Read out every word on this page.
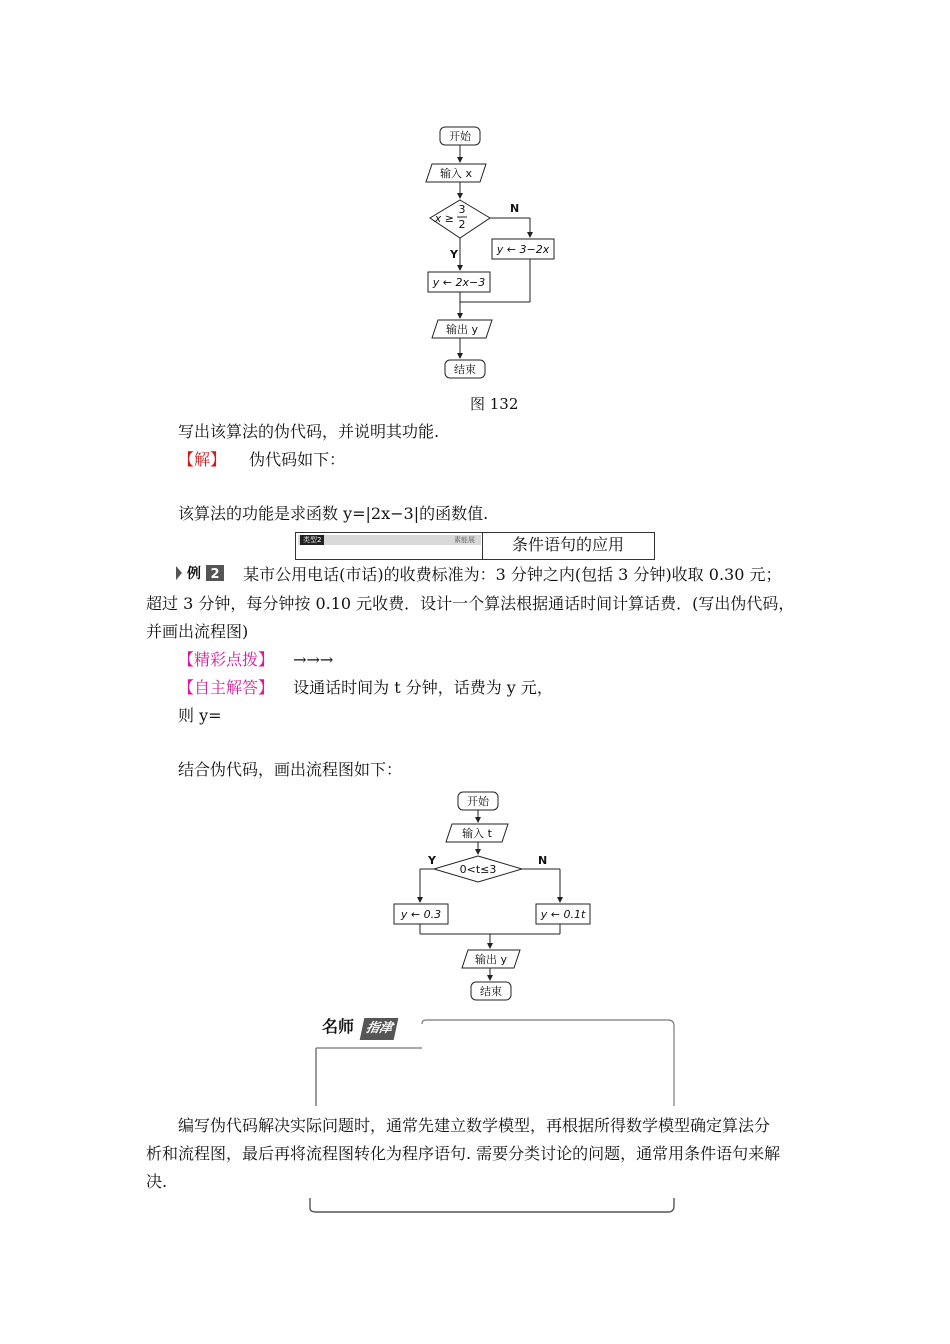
开始
输入 x
x ≥
3
2
N
y ← 3−2x
Y
y ← 2x−3
输出 y
结束
图 132
写出该算法的伪代码，并说明其功能.
【解】 伪代码如下：
该算法的功能是求函数 y=|2x−3|的函数值.
类型2	素能展 条件语句的应用
例 2 某市公用电话(市话)的收费标准为：3 分钟之内(包括 3 分钟)收取 0.30 元；
超过 3 分钟，每分钟按 0.10 元收费．设计一个算法根据通话时间计算话费．(写出伪代码，
并画出流程图)
【精彩点拨】 →→→
【自主解答】 设通话时间为 t 分钟，话费为 y 元，
则 y=
结合伪代码，画出流程图如下：
开始
输入 t
0<t≤3
Y
y ← 0.3
N
y ← 0.1t
输出 y
结束
名师 指津
编写伪代码解决实际问题时，通常先建立数学模型，再根据所得数学模型确定算法分
析和流程图，最后再将流程图转化为程序语句. 需要分类讨论的问题，通常用条件语句来解
决.
